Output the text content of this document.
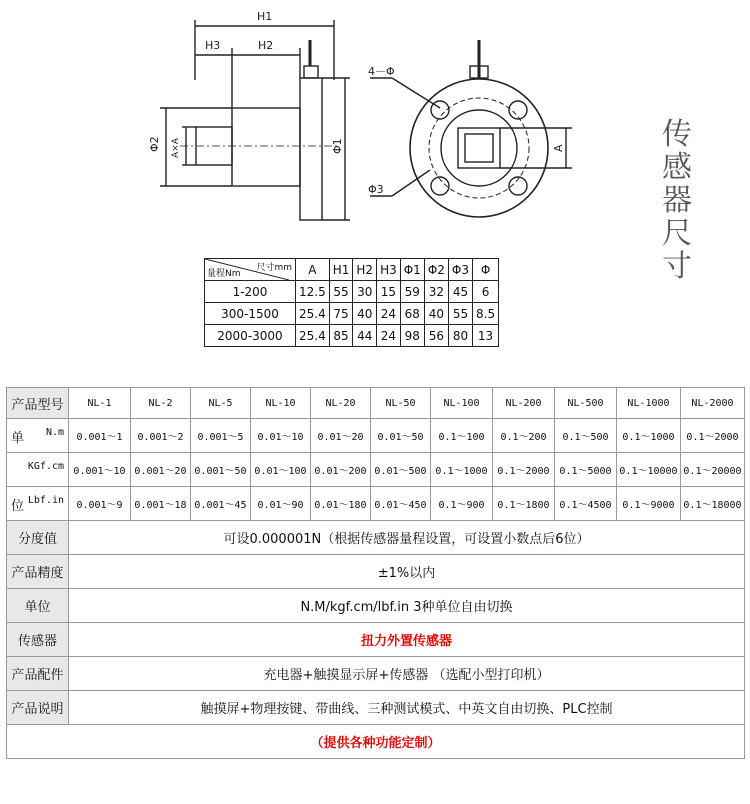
H1
H3	H2
Φ2 A×A	Φ1
4－Φ
Φ3
A	传
感
器
尺
寸
尺寸mm
量程Nm	A	H1	H2	H3	Φ1	Φ2	Φ3	Φ
1-200	12.5	55	30	15	59	32	45	6
300-1500	25.4	75	40	24	68	40	55	8.5
2000-3000	25.4	85	44	24	98	56	80	13
产品型号	NL-1	NL-2	NL-5	NL-10	NL-20	NL-50	NL-100	NL-200	NL-500	NL-1000	NL-2000

单 N.m	0.001～1	0.001～2	0.001～5	0.01～10	0.01～20	0.01～50	0.1～100	0.1～200	0.1～500	0.1～1000	0.1～2000

KGf.cm	0.001～10	0.001～20	0.001～50	0.01～100	0.01～200	0.01～500	0.1～1000	0.1～2000	0.1～5000	0.1～10000	0.1～20000

位 Lbf.in	0.001～9	0.001～18	0.001～45	0.01～90	0.01～180	0.01～450	0.1～900	0.1～1800	0.1～4500	0.1～9000	0.1～18000
分度值	可设0.000001N（根据传感器量程设置，可设置小数点后6位）										
产品精度	±1%以内										
单位	N.M/kgf.cm/lbf.in 3种单位自由切换										
传感器	扭力外置传感器										
产品配件	充电器+触摸显示屏+传感器 （选配小型打印机）										
产品说明	触摸屏+物理按键、带曲线、三种测试模式、中英文自由切换、PLC控制										
（提供各种功能定制）											
